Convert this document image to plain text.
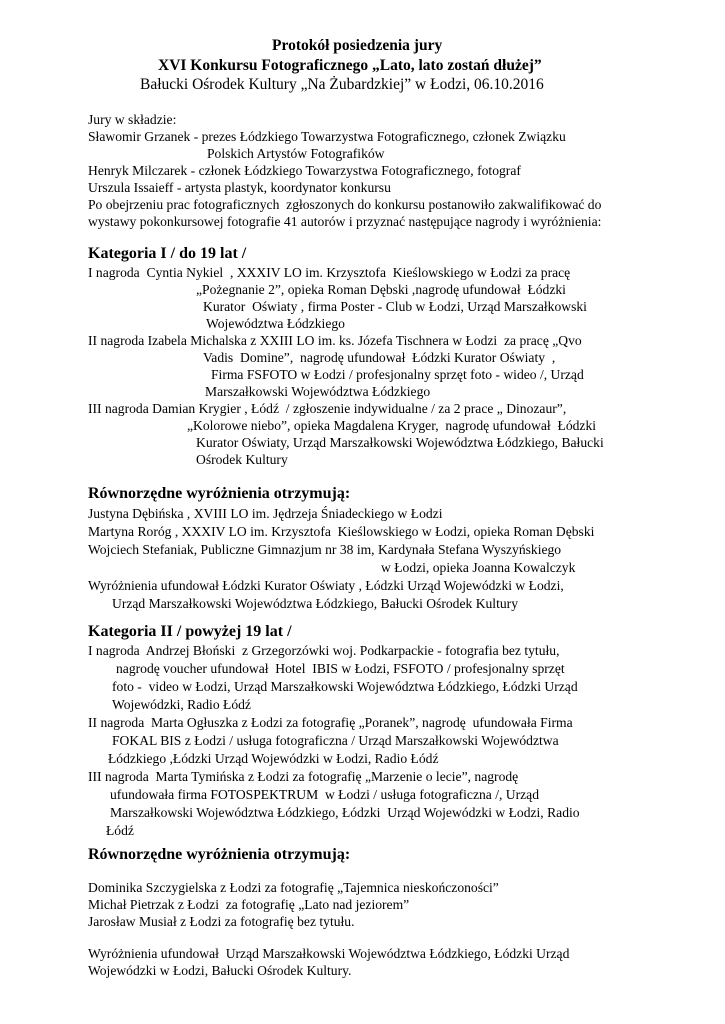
Protokół posiedzenia jury
XVI Konkursu Fotograficznego „Lato, lato zostań dłużej”
Bałucki Ośrodek Kultury „Na Żubardzkiej” w Łodzi, 06.10.2016
Jury w składzie:
Sławomir Grzanek - prezes Łódzkiego Towarzystwa Fotograficznego, członek Związku
Polskich Artystów Fotografików
Henryk Milczarek - członek Łódzkiego Towarzystwa Fotograficznego, fotograf
Urszula Issaieff - artysta plastyk, koordynator konkursu
Po obejrzeniu prac fotograficznych  zgłoszonych do konkursu postanowiło zakwalifikować do
wystawy pokonkursowej fotografie 41 autorów i przyznać następujące nagrody i wyróżnienia:
Kategoria I / do 19 lat /
I nagroda  Cyntia Nykiel  , XXXIV LO im. Krzysztofa  Kieślowskiego w Łodzi za pracę
„Pożegnanie 2”, opieka Roman Dębski ,nagrodę ufundował  Łódzki
Kurator  Oświaty , firma Poster - Club w Łodzi, Urząd Marszałkowski
Województwa Łódzkiego
II nagroda Izabela Michalska z XXIII LO im. ks. Józefa Tischnera w Łodzi  za pracę „Qvo
Vadis  Domine”,  nagrodę ufundował  Łódzki Kurator Oświaty  ,
Firma FSFOTO w Łodzi / profesjonalny sprzęt foto - wideo /, Urząd
Marszałkowski Województwa Łódzkiego
III nagroda Damian Krygier , Łódź  / zgłoszenie indywidualne / za 2 prace „ Dinozaur”,
„Kolorowe niebo”, opieka Magdalena Kryger,  nagrodę ufundował  Łódzki
Kurator Oświaty, Urząd Marszałkowski Województwa Łódzkiego, Bałucki
Ośrodek Kultury
Równorzędne wyróżnienia otrzymują:
Justyna Dębińska , XVIII LO im. Jędrzeja Śniadeckiego w Łodzi
Martyna Roróg , XXXIV LO im. Krzysztofa  Kieślowskiego w Łodzi, opieka Roman Dębski
Wojciech Stefaniak, Publiczne Gimnazjum nr 38 im, Kardynała Stefana Wyszyńskiego
w Łodzi, opieka Joanna Kowalczyk
Wyróżnienia ufundował Łódzki Kurator Oświaty , Łódzki Urząd Wojewódzki w Łodzi,
Urząd Marszałkowski Województwa Łódzkiego, Bałucki Ośrodek Kultury
Kategoria II / powyżej 19 lat /
I nagroda  Andrzej Błoński  z Grzegorzówki woj. Podkarpackie - fotografia bez tytułu,
nagrodę voucher ufundował  Hotel  IBIS w Łodzi, FSFOTO / profesjonalny sprzęt
foto -  video w Łodzi, Urząd Marszałkowski Województwa Łódzkiego, Łódzki Urząd
Wojewódzki, Radio Łódź
II nagroda  Marta Ogłuszka z Łodzi za fotografię „Poranek”, nagrodę  ufundowała Firma
FOKAL BIS z Łodzi / usługa fotograficzna / Urząd Marszałkowski Województwa
Łódzkiego ,Łódzki Urząd Wojewódzki w Łodzi, Radio Łódź
III nagroda  Marta Tymińska z Łodzi za fotografię „Marzenie o lecie”, nagrodę
ufundowała firma FOTOSPEKTRUM  w Łodzi / usługa fotograficzna /, Urząd
Marszałkowski Województwa Łódzkiego, Łódzki  Urząd Wojewódzki w Łodzi, Radio
Łódź
Równorzędne wyróżnienia otrzymują:
Dominika Szczygielska z Łodzi za fotografię „Tajemnica nieskończoności”
Michał Pietrzak z Łodzi  za fotografię „Lato nad jeziorem”
Jarosław Musiał z Łodzi za fotografię bez tytułu.
Wyróżnienia ufundował  Urząd Marszałkowski Województwa Łódzkiego, Łódzki Urząd
Wojewódzki w Łodzi, Bałucki Ośrodek Kultury.
